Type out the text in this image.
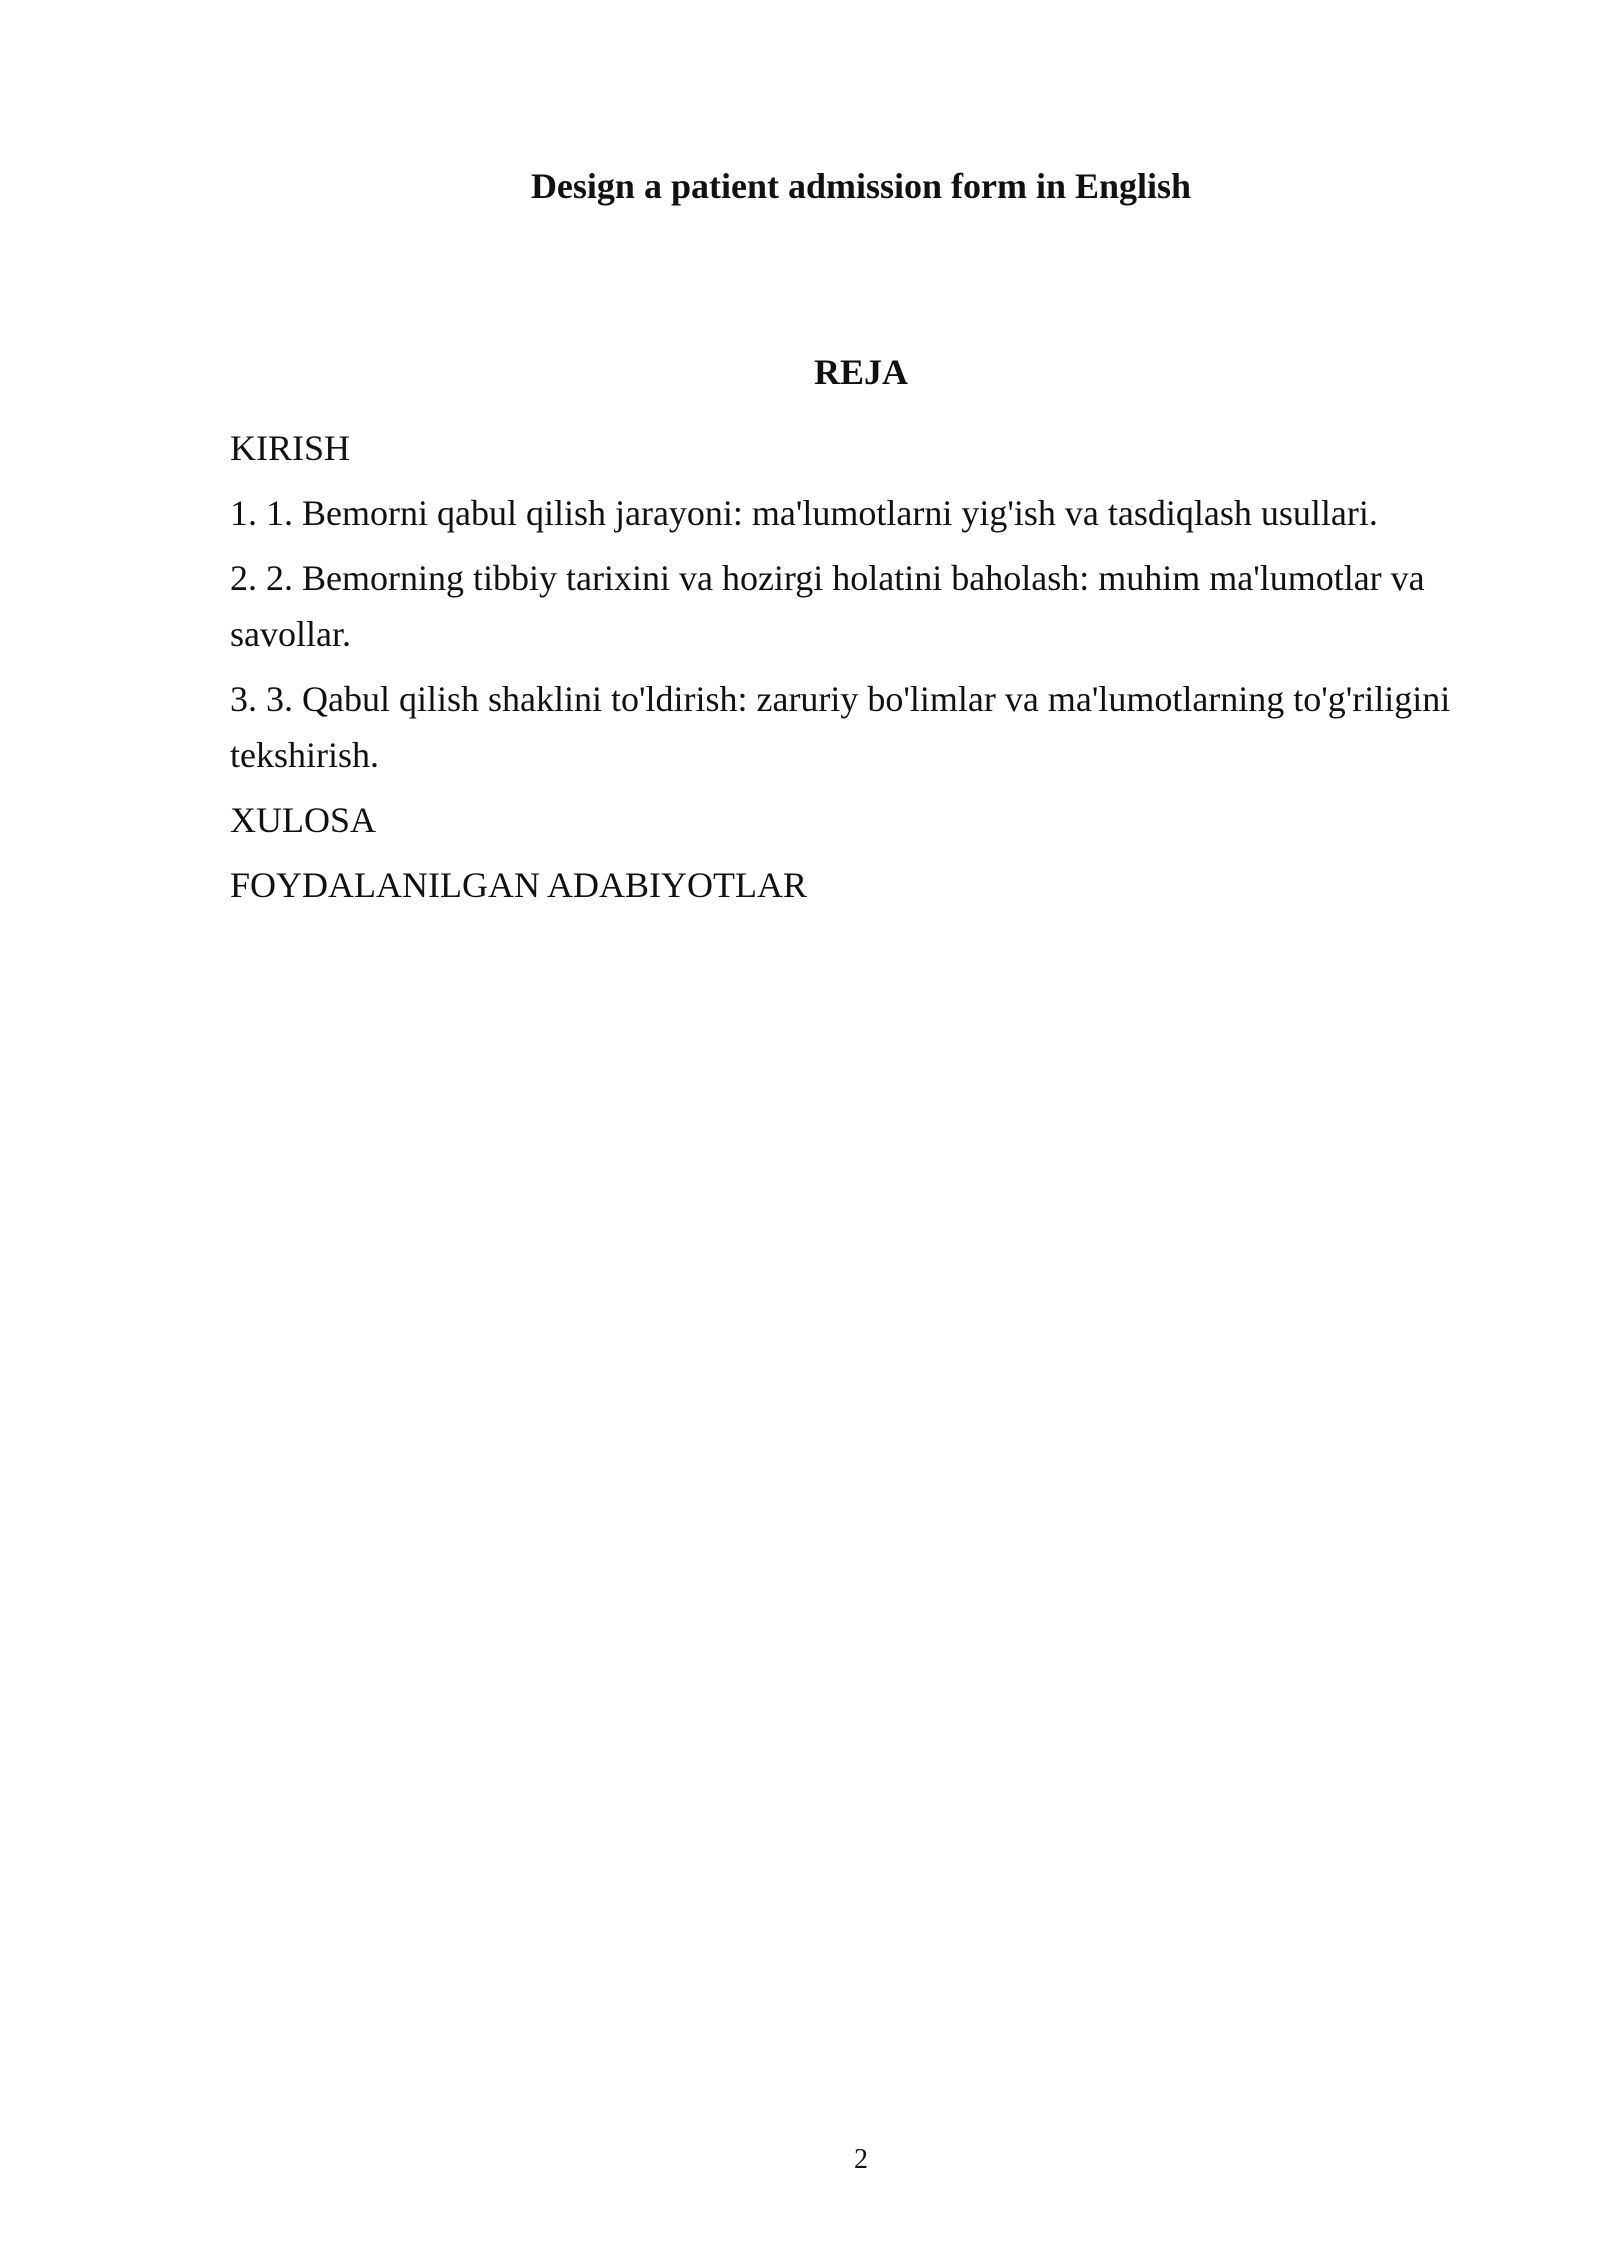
Design a patient admission form in English
REJA
KIRISH
1. 1. Bemorni qabul qilish jarayoni: ma'lumotlarni yig'ish va tasdiqlash usullari.
2. 2. Bemorning tibbiy tarixini va hozirgi holatini baholash: muhim ma'lumotlar va savollar.
3. 3. Qabul qilish shaklini to'ldirish: zaruriy bo'limlar va ma'lumotlarning to'g'riligini tekshirish.
XULOSA
FOYDALANILGAN ADABIYOTLAR
2
